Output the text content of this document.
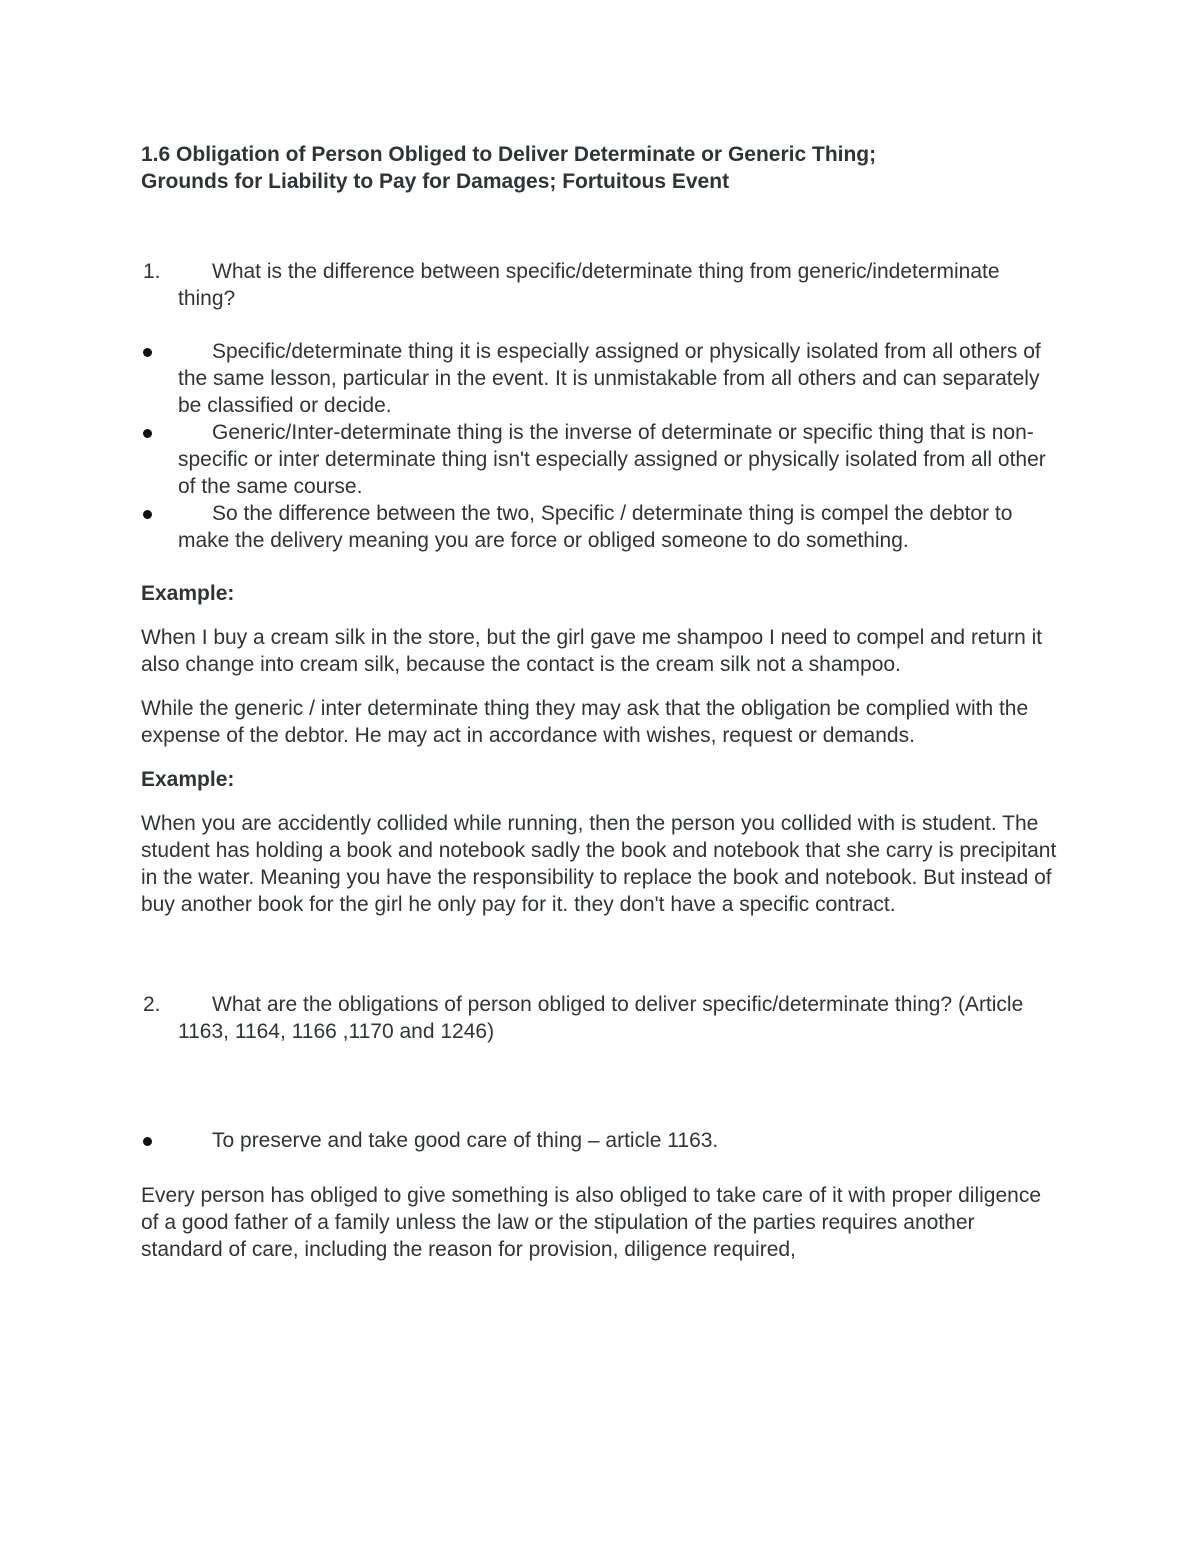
1.6 Obligation of Person Obliged to Deliver Determinate or Generic Thing;
Grounds for Liability to Pay for Damages; Fortuitous Event
1.	What is the difference between specific/determinate thing from generic/indeterminate thing?
Specific/determinate thing it is especially assigned or physically isolated from all others of the same lesson, particular in the event. It is unmistakable from all others and can separately be classified or decide.
Generic/Inter-determinate thing is the inverse of determinate or specific thing that is non-specific or inter determinate thing isn't especially assigned or physically isolated from all other of the same course.
So the difference between the two, Specific / determinate thing is compel the debtor to make the delivery meaning you are force or obliged someone to do something.
Example:

When I buy a cream silk in the store, but the girl gave me shampoo I need to compel and return it also change into cream silk, because the contact is the cream silk not a shampoo.

While the generic / inter determinate thing they may ask that the obligation be complied with the expense of the debtor. He may act in accordance with wishes, request or demands.

Example:

When you are accidently collided while running, then the person you collided with is student. The student has holding a book and notebook sadly the book and notebook that she carry is precipitant in the water. Meaning you have the responsibility to replace the book and notebook. But instead of buy another book for the girl he only pay for it. they don't have a specific contract.

2.	What are the obligations of person obliged to deliver specific/determinate thing? (Article 1163, 1164, 1166 ,1170 and 1246)
To preserve and take good care of thing – article 1163.

Every person has obliged to give something is also obliged to take care of it with proper diligence of a good father of a family unless the law or the stipulation of the parties requires another standard of care, including the reason for provision, diligence required,
